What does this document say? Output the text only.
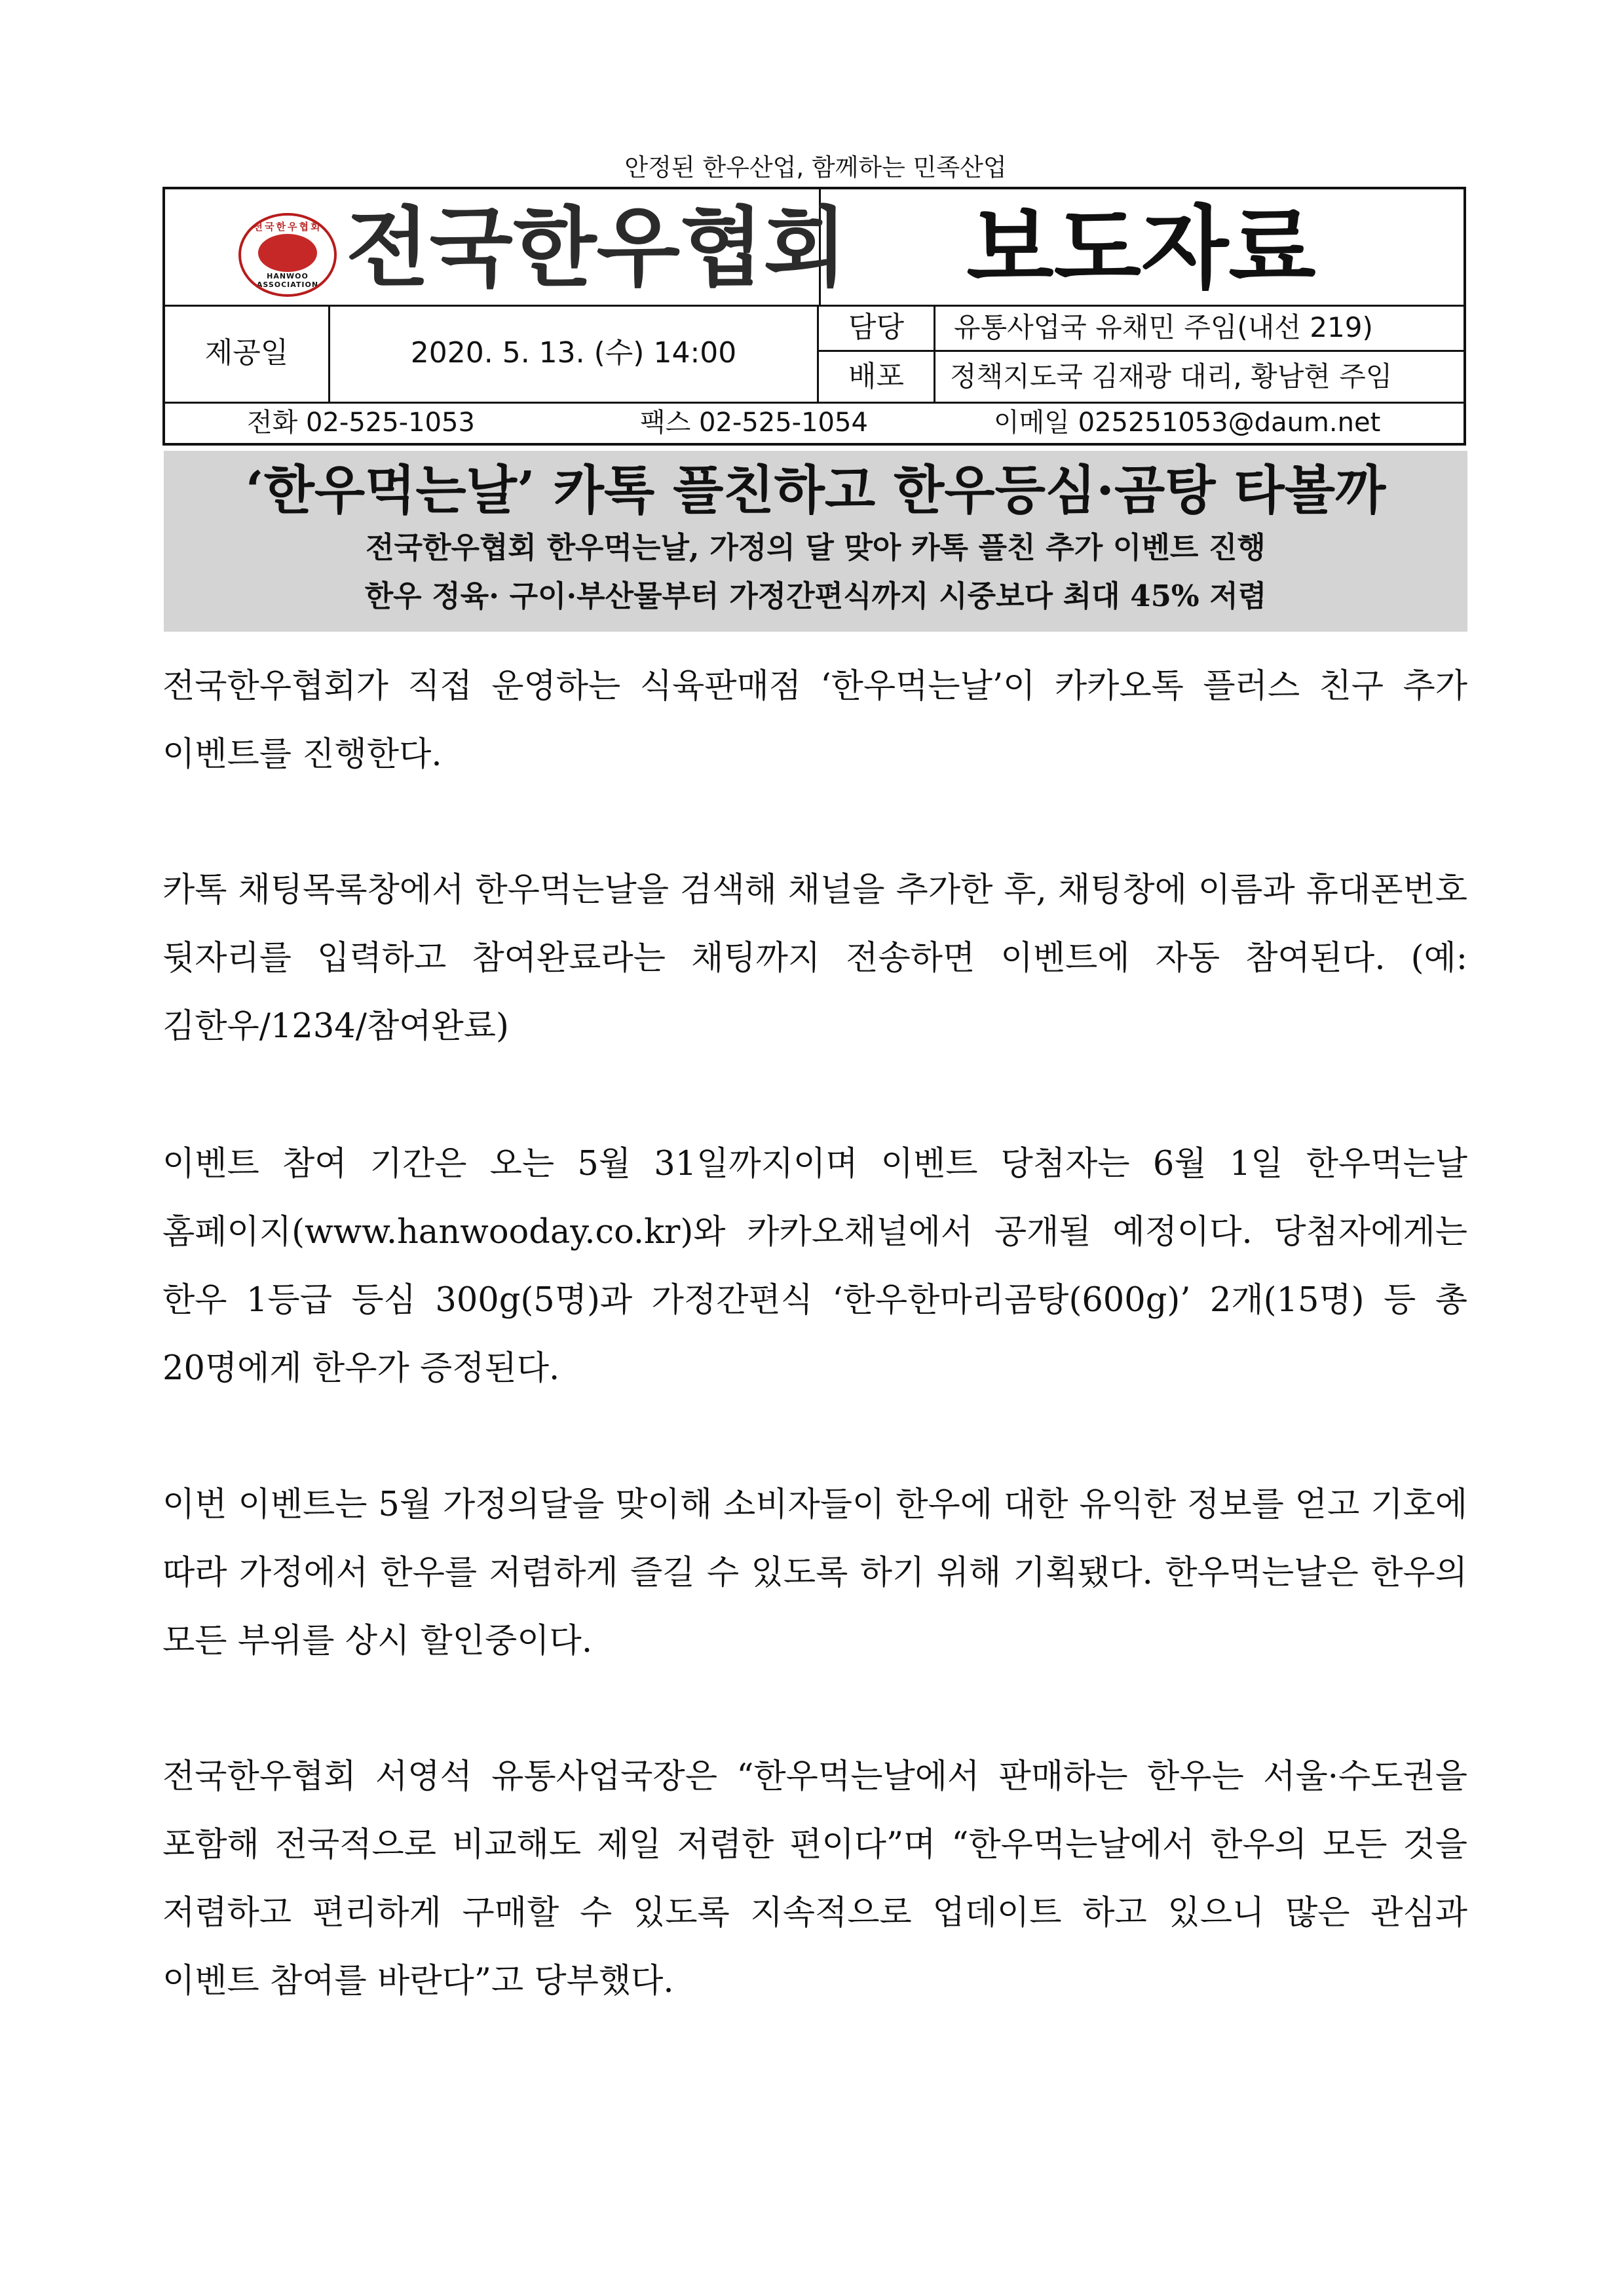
안정된 한우산업, 함께하는 민족산업
전국한우협회
HANWOO ASSOCIATION 전국한우협회	보도자료
제공일	2020. 5. 13. (수) 14:00
담당	유통사업국 유채민 주임(내선 219)
배포	정책지도국 김재광 대리, 황남현 주임
전화 02-525-1053	팩스 02-525-1054	이메일 025251053@daum.net
‘한우먹는날’ 카톡 플친하고 한우등심·곰탕 타볼까
전국한우협회 한우먹는날, 가정의 달 맞아 카톡 플친 추가 이벤트 진행
한우 정육· 구이·부산물부터 가정간편식까지 시중보다 최대 45% 저렴
전국한우협회가 직접 운영하는 식육판매점 ‘한우먹는날’이 카카오톡 플러스 친구 추가 이벤트를 진행한다.
카톡 채팅목록창에서 한우먹는날을 검색해 채널을 추가한 후, 채팅창에 이름과 휴대폰번호 뒷자리를 입력하고 참여완료라는 채팅까지 전송하면 이벤트에 자동 참여된다. (예: 김한우/1234/참여완료)
이벤트 참여 기간은 오는 5월 31일까지이며 이벤트 당첨자는 6월 1일 한우먹는날 홈페이지(www.hanwooday.co.kr)와 카카오채널에서 공개될 예정이다. 당첨자에게는 한우 1등급 등심 300g(5명)과 가정간편식 ‘한우한마리곰탕(600g)’ 2개(15명) 등 총 20명에게 한우가 증정된다.
이번 이벤트는 5월 가정의달을 맞이해 소비자들이 한우에 대한 유익한 정보를 얻고 기호에 따라 가정에서 한우를 저렴하게 즐길 수 있도록 하기 위해 기획됐다. 한우먹는날은 한우의 모든 부위를 상시 할인중이다.
전국한우협회 서영석 유통사업국장은 “한우먹는날에서 판매하는 한우는 서울·수도권을 포함해 전국적으로 비교해도 제일 저렴한 편이다”며 “한우먹는날에서 한우의 모든 것을 저렴하고 편리하게 구매할 수 있도록 지속적으로 업데이트 하고 있으니 많은 관심과 이벤트 참여를 바란다”고 당부했다.
